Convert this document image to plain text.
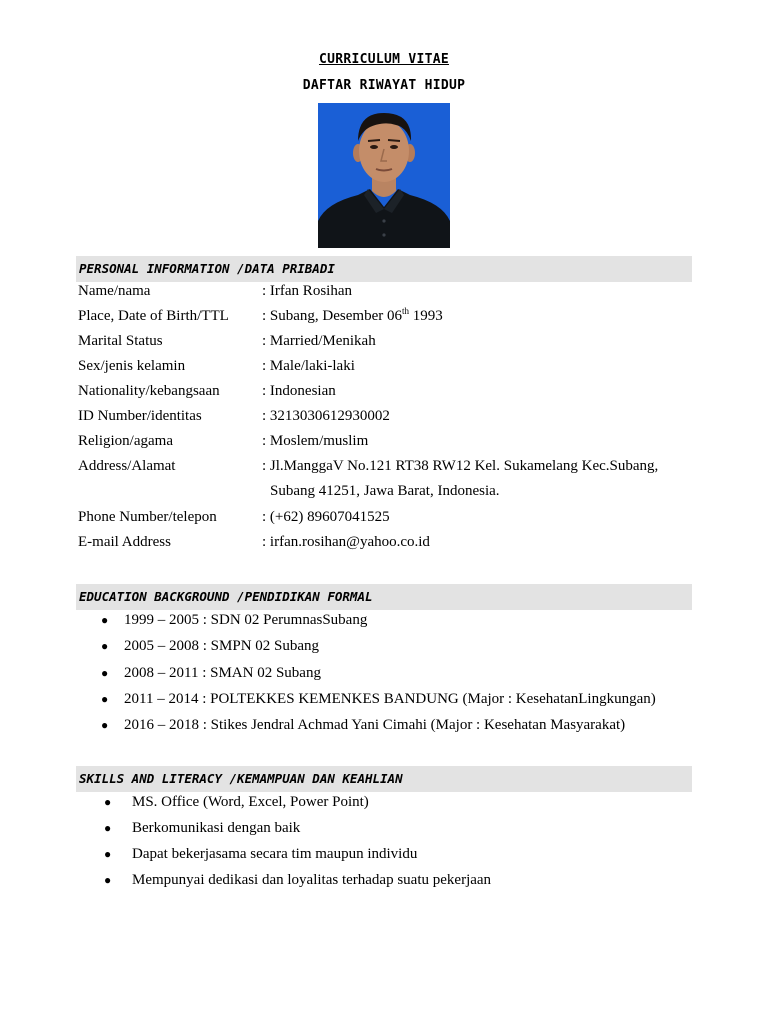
CURRICULUM VITAE
DAFTAR RIWAYAT HIDUP
PERSONAL INFORMATION /DATA PRIBADI
Name/nama	: Irfan Rosihan
Place, Date of Birth/TTL : Subang, Desember 06th 1993
Marital Status	: Married/Menikah
Sex/jenis kelamin	: Male/laki-laki
Nationality/kebangsaan	: Indonesian
ID Number/identitas	: 3213030612930002
Religion/agama	: Moslem/muslim
Address/Alamat	: Jl.ManggaV No.121 RT38 RW12 Kel. Sukamelang Kec.Subang,
Subang 41251, Jawa Barat, Indonesia.
Phone Number/telepon	: (+62) 89607041525
E-mail Address	: irfan.rosihan@yahoo.co.id
EDUCATION BACKGROUND /PENDIDIKAN FORMAL
● 1999 – 2005 : SDN 02 PerumnasSubang
● 2005 – 2008 : SMPN 02 Subang
● 2008 – 2011 : SMAN 02 Subang
● 2011 – 2014 : POLTEKKES KEMENKES BANDUNG (Major : KesehatanLingkungan)
● 2016 – 2018 : Stikes Jendral Achmad Yani Cimahi (Major : Kesehatan Masyarakat)
SKILLS AND LITERACY /KEMAMPUAN DAN KEAHLIAN
● MS. Office (Word, Excel, Power Point)
● Berkomunikasi dengan baik
● Dapat bekerjasama secara tim maupun individu
● Mempunyai dedikasi dan loyalitas terhadap suatu pekerjaan
